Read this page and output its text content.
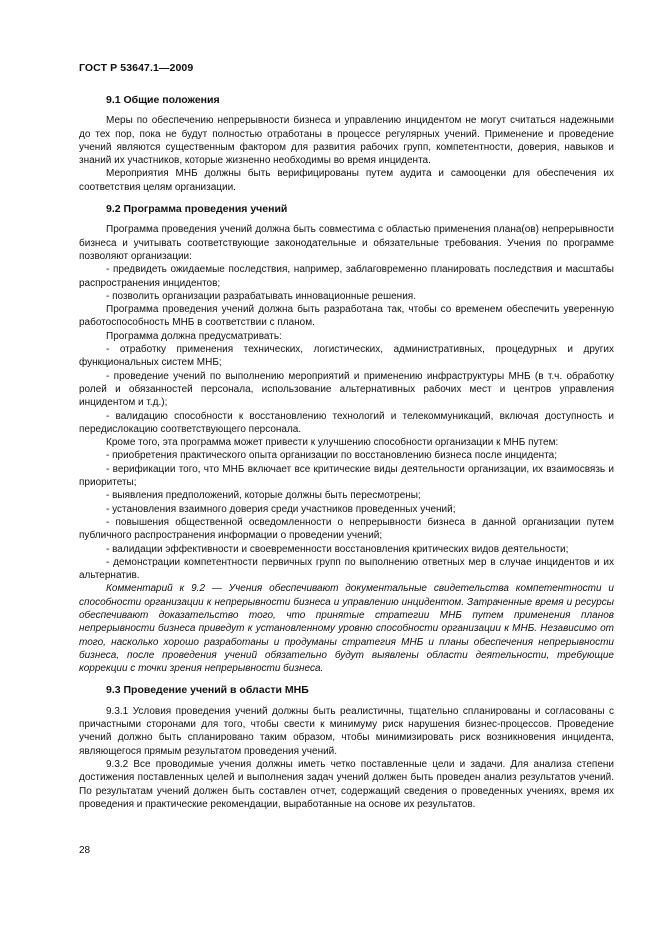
ГОСТ Р 53647.1—2009
9.1 Общие положения

Меры по обеспечению непрерывности бизнеса и управлению инцидентом не могут считаться надежными до тех пор, пока не будут полностью отработаны в процессе регулярных учений. Применение и проведение учений являются существенным фактором для развития рабочих групп, компетентности, доверия, навыков и знаний их участников, которые жизненно необходимы во время инцидента.

Мероприятия МНБ должны быть верифицированы путем аудита и самооценки для обеспечения их соответствия целям организации.

9.2 Программа проведения учений

Программа проведения учений должна быть совместима с областью применения плана(ов) непрерывности бизнеса и учитывать соответствующие законодательные и обязательные требования. Учения по программе позволяют организации:

- предвидеть ожидаемые последствия, например, заблаговременно планировать последствия и масштабы распространения инцидентов;

- позволить организации разрабатывать инновационные решения.

Программа проведения учений должна быть разработана так, чтобы со временем обеспечить уверенную работоспособность МНБ в соответствии с планом.

Программа должна предусматривать:

- отработку применения технических, логистических, административных, процедурных и других функциональных систем МНБ;

- проведение учений по выполнению мероприятий и применению инфраструктуры МНБ (в т.ч. обработку ролей и обязанностей персонала, использование альтернативных рабочих мест и центров управления инцидентом и т.д.);

- валидацию способности к восстановлению технологий и телекоммуникаций, включая доступность и передислокацию соответствующего персонала.

Кроме того, эта программа может привести к улучшению способности организации к МНБ путем:

- приобретения практического опыта организации по восстановлению бизнеса после инцидента;

- верификации того, что МНБ включает все критические виды деятельности организации, их взаимосвязь и приоритеты;

- выявления предположений, которые должны быть пересмотрены;

- установления взаимного доверия среди участников проведенных учений;

- повышения общественной осведомленности о непрерывности бизнеса в данной организации путем публичного распространения информации о проведении учений;

- валидации эффективности и своевременности восстановления критических видов деятельности;

- демонстрации компетентности первичных групп по выполнению ответных мер в случае инцидентов и их альтернатив.

Комментарий к 9.2 — Учения обеспечивают документальные свидетельства компетентности и способности организации к непрерывности бизнеса и управлению инцидентом. Затраченные время и ресурсы обеспечивают доказательство того, что принятые стратегии МНБ путем применения планов непрерывности бизнеса приведут к установленному уровню способности организации к МНБ. Независимо от того, насколько хорошо разработаны и продуманы стратегия МНБ и планы обеспечения непрерывности бизнеса, после проведения учений обязательно будут выявлены области деятельности, требующие коррекции с точки зрения непрерывности бизнеса.

9.3 Проведение учений в области МНБ

9.3.1 Условия проведения учений должны быть реалистичны, тщательно спланированы и согласованы с причастными сторонами для того, чтобы свести к минимуму риск нарушения бизнес-процессов. Проведение учений должно быть спланировано таким образом, чтобы минимизировать риск возникновения инцидента, являющегося прямым результатом проведения учений.

9.3.2 Все проводимые учения должны иметь четко поставленные цели и задачи. Для анализа степени достижения поставленных целей и выполнения задач учений должен быть проведен анализ результатов учений. По результатам учений должен быть составлен отчет, содержащий сведения о проведенных учениях, время их проведения и практические рекомендации, выработанные на основе их результатов.

28
